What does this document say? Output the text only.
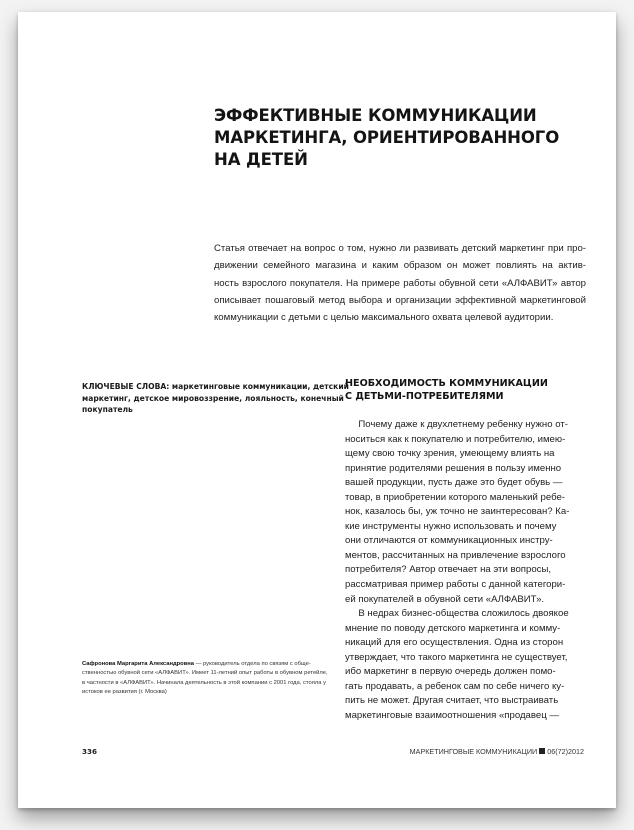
ЭФФЕКТИВНЫЕ КОММУНИКАЦИИ
МАРКЕТИНГА, ОРИЕНТИРОВАННОГО
НА ДЕТЕЙ
Статья отвечает на вопрос о том, нужно ли развивать детский маркетинг при про-
движении семейного магазина и каким образом он может повлиять на актив-
ность взрослого покупателя. На примере работы обувной сети «АЛФАВИТ» автор
описывает пошаговый метод выбора и организации эффективной маркетинговой
коммуникации с детьми с целью максимального охвата целевой аудитории.
КЛЮЧЕВЫЕ СЛОВА: маркетинговые коммуникации, детский
маркетинг, детское мировоззрение, лояльность, конечный
покупатель
Сафронова Маргарита Александровна — руководитель отдела по связям с обще-
ственностью обувной сети «АЛФАВИТ». Имеет 11-летний опыт работы в обувном ретейле,
в частности в «АЛФАВИТ». Начинала деятельность в этой компании с 2001 года, стояла у
истоков ее развития (г. Москва)
НЕОБХОДИМОСТЬ КОММУНИКАЦИИ
С ДЕТЬМИ-ПОТРЕБИТЕЛЯМИ
Почему даже к двухлетнему ребенку нужно от-
носиться как к покупателю и потребителю, имею-
щему свою точку зрения, умеющему влиять на
принятие родителями решения в пользу именно
вашей продукции, пусть даже это будет обувь —
товар, в приобретении которого маленький ребе-
нок, казалось бы, уж точно не заинтересован? Ка-
кие инструменты нужно использовать и почему
они отличаются от коммуникационных инстру-
ментов, рассчитанных на привлечение взрослого
потребителя? Автор отвечает на эти вопросы,
рассматривая пример работы с данной категори-
ей покупателей в обувной сети «АЛФАВИТ».
В недрах бизнес-общества сложилось двоякое
мнение по поводу детского маркетинга и комму-
никаций для его осуществления. Одна из сторон
утверждает, что такого маркетинга не существует,
ибо маркетинг в первую очередь должен помо-
гать продавать, а ребенок сам по себе ничего ку-
пить не может. Другая считает, что выстраивать
маркетинговые взаимоотношения «продавец —
336	МАРКЕТИНГОВЫЕ КОММУНИКАЦИИ 06(72)2012
